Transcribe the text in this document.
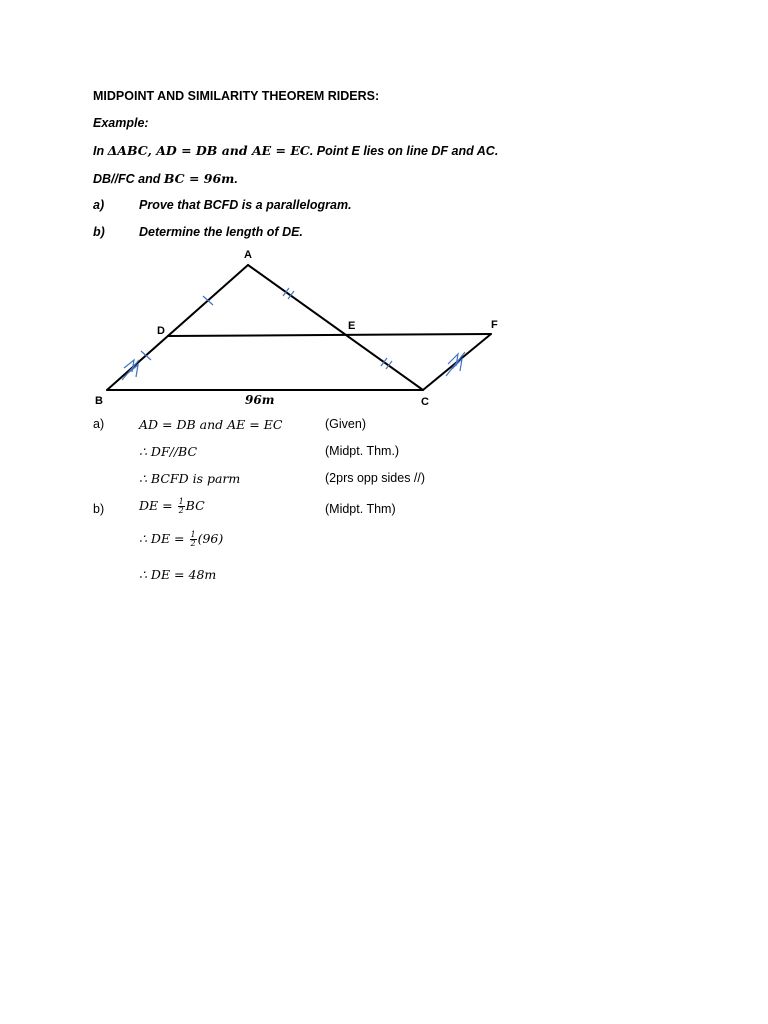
MIDPOINT AND SIMILARITY THEOREM RIDERS:
Example:
In ΔABC, AD = DB and AE = EC. Point E lies on line DF and AC.
DB//FC and BC = 96m.
a)	Prove that BCFD is a parallelogram.
b)	Determine the length of DE.
A
B	C
D	E	F
96m
a)	AD = DB and AE = EC	(Given)
∴ DF//BC	(Midpt. Thm.)
∴ BCFD is parm	(2prs opp sides //)
b)	DE = $\frac{1}{2}$ BC	(Midpt. Thm)
∴ DE = $\frac{1}{2} (96)$
∴ DE = 48m
